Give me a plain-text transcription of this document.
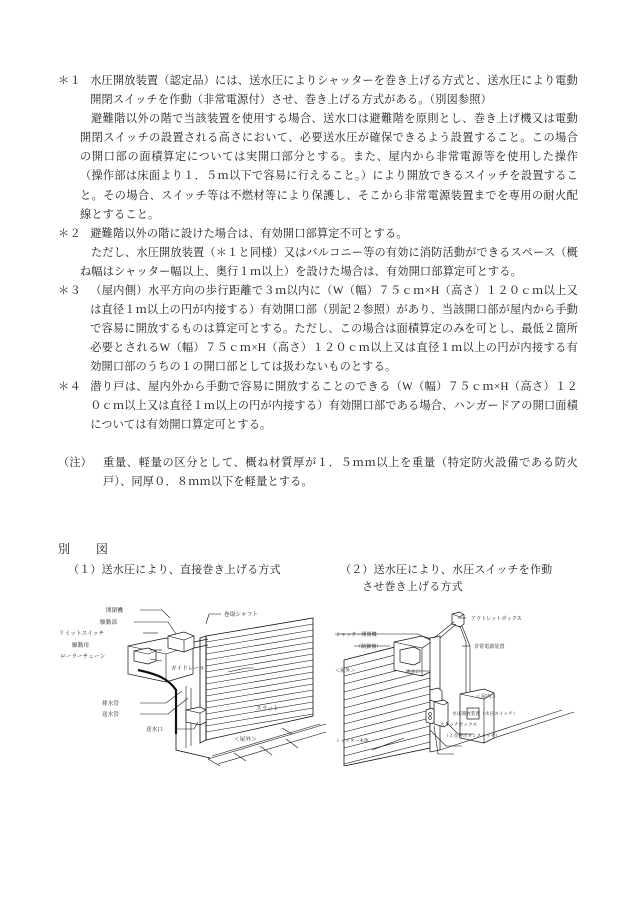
＊１ 水圧開放装置（認定品）には、送水圧によりシャッターを巻き上げる方式と、送水圧により電動開閉スイッチを作動（非常電源付）させ、巻き上げる方式がある。（別図参照）
避難階以外の階で当該装置を使用する場合、送水口は避難階を原則とし、巻き上げ機又は電動開閉スイッチの設置される高さにおいて、必要送水圧が確保できるよう設置すること。この場合の開口部の面積算定については実開口部分とする。また、屋内から非常電源等を使用した操作（操作部は床面より１．５ｍ以下で容易に行えること。）により開放できるスイッチを設置すること。その場合、スイッチ等は不燃材等により保護し、そこから非常電源装置までを専用の耐火配線とすること。
＊２ 避難階以外の階に設けた場合は、有効開口部算定不可とする。
ただし、水圧開放装置（＊１と同様）又はバルコニー等の有効に消防活動ができるスペース（概ね幅はシャッター幅以上、奥行１ｍ以上）を設けた場合は、有効開口部算定可とする。
＊３ （屋内側）水平方向の歩行距離で３ｍ以内に（W（幅）７５ｃｍ×H（高さ）１２０ｃｍ以上又は直径１ｍ以上の円が内接する）有効開口部（別記２参照）があり、当該開口部が屋内から手動で容易に開放するものは算定可とする。ただし、この場合は面積算定のみを可とし、最低２箇所必要とされるW（幅）７５ｃｍ×H（高さ）１２０ｃｍ以上又は直径１ｍ以上の円が内接する有効開口部のうちの１の開口部としては扱わないものとする。
＊４ 潜り戸は、屋内外から手動で容易に開放することのできる（W（幅）７５ｃｍ×H（高さ）１２０ｃｍ以上又は直径１ｍ以上の円が内接する）有効開口部である場合、ハンガードアの開口面積については有効開口算定可とする。
（注） 重量、軽量の区分として、概ね材質厚が１．５ｍｍ以上を重量（特定防火設備である防火戸）、同厚０．８ｍｍ以下を軽量とする。
別　図
（１）送水圧により、直接巻き上げる方式	（２）送水圧により、水圧スイッチを作動
させ巻き上げる方式
開閉機
駆動部
リミットスイッチ
駆動用
ローラーチェーン
巻取シャフト
ガイドレール
排水管
送水管
送水口
スラット
＜屋外＞
シャッター開閉機
（制御盤）
＜屋外＞
アウトレットボックス
非常電源装置
送水口
＜屋内＞
水圧開放装置（水圧スイッチ）
スイッチボックス
（３点押ボタンスイッチ）
シャッター本体
